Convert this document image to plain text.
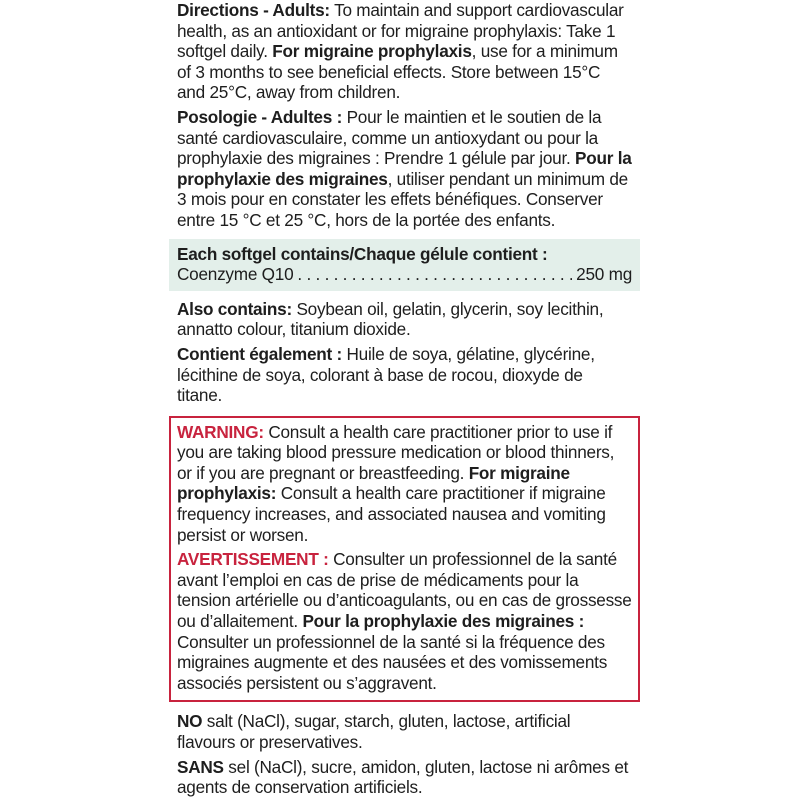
Directions - Adults: To maintain and support cardiovascular health, as an antioxidant or for migraine prophylaxis: Take 1 softgel daily. For migraine prophylaxis, use for a minimum of 3 months to see beneficial effects. Store between 15°C and 25°C, away from children.

Posologie - Adultes : Pour le maintien et le soutien de la santé cardiovasculaire, comme un antioxydant ou pour la prophylaxie des migraines : Prendre 1 gélule par jour. Pour la prophylaxie des migraines, utiliser pendant un minimum de 3 mois pour en constater les effets bénéfiques. Conserver entre 15 °C et 25 °C, hors de la portée des enfants.

Each softgel contains/Chaque gélule contient :
Coenzyme Q10
. . .	250 mg

Also contains: Soybean oil, gelatin, glycerin, soy lecithin, annatto colour, titanium dioxide.

Contient également : Huile de soya, gélatine, glycérine, lécithine de soya, colorant à base de rocou, dioxyde de titane.

WARNING: Consult a health care practitioner prior to use if you are taking blood pressure medication or blood thinners, or if you are pregnant or breastfeeding. For migraine prophylaxis: Consult a health care practitioner if migraine frequency increases, and associated nausea and vomiting persist or worsen.

AVERTISSEMENT : Consulter un professionnel de la santé avant l’emploi en cas de prise de médicaments pour la tension artérielle ou d’anticoagulants, ou en cas de grossesse ou d’allaitement. Pour la prophylaxie des migraines : Consulter un professionnel de la santé si la fréquence des migraines augmente et des nausées et des vomissements associés persistent ou s’aggravent.

NO salt (NaCl), sugar, starch, gluten, lactose, artificial flavours or preservatives.

SANS sel (NaCl), sucre, amidon, gluten, lactose ni arômes et agents de conservation artificiels.
